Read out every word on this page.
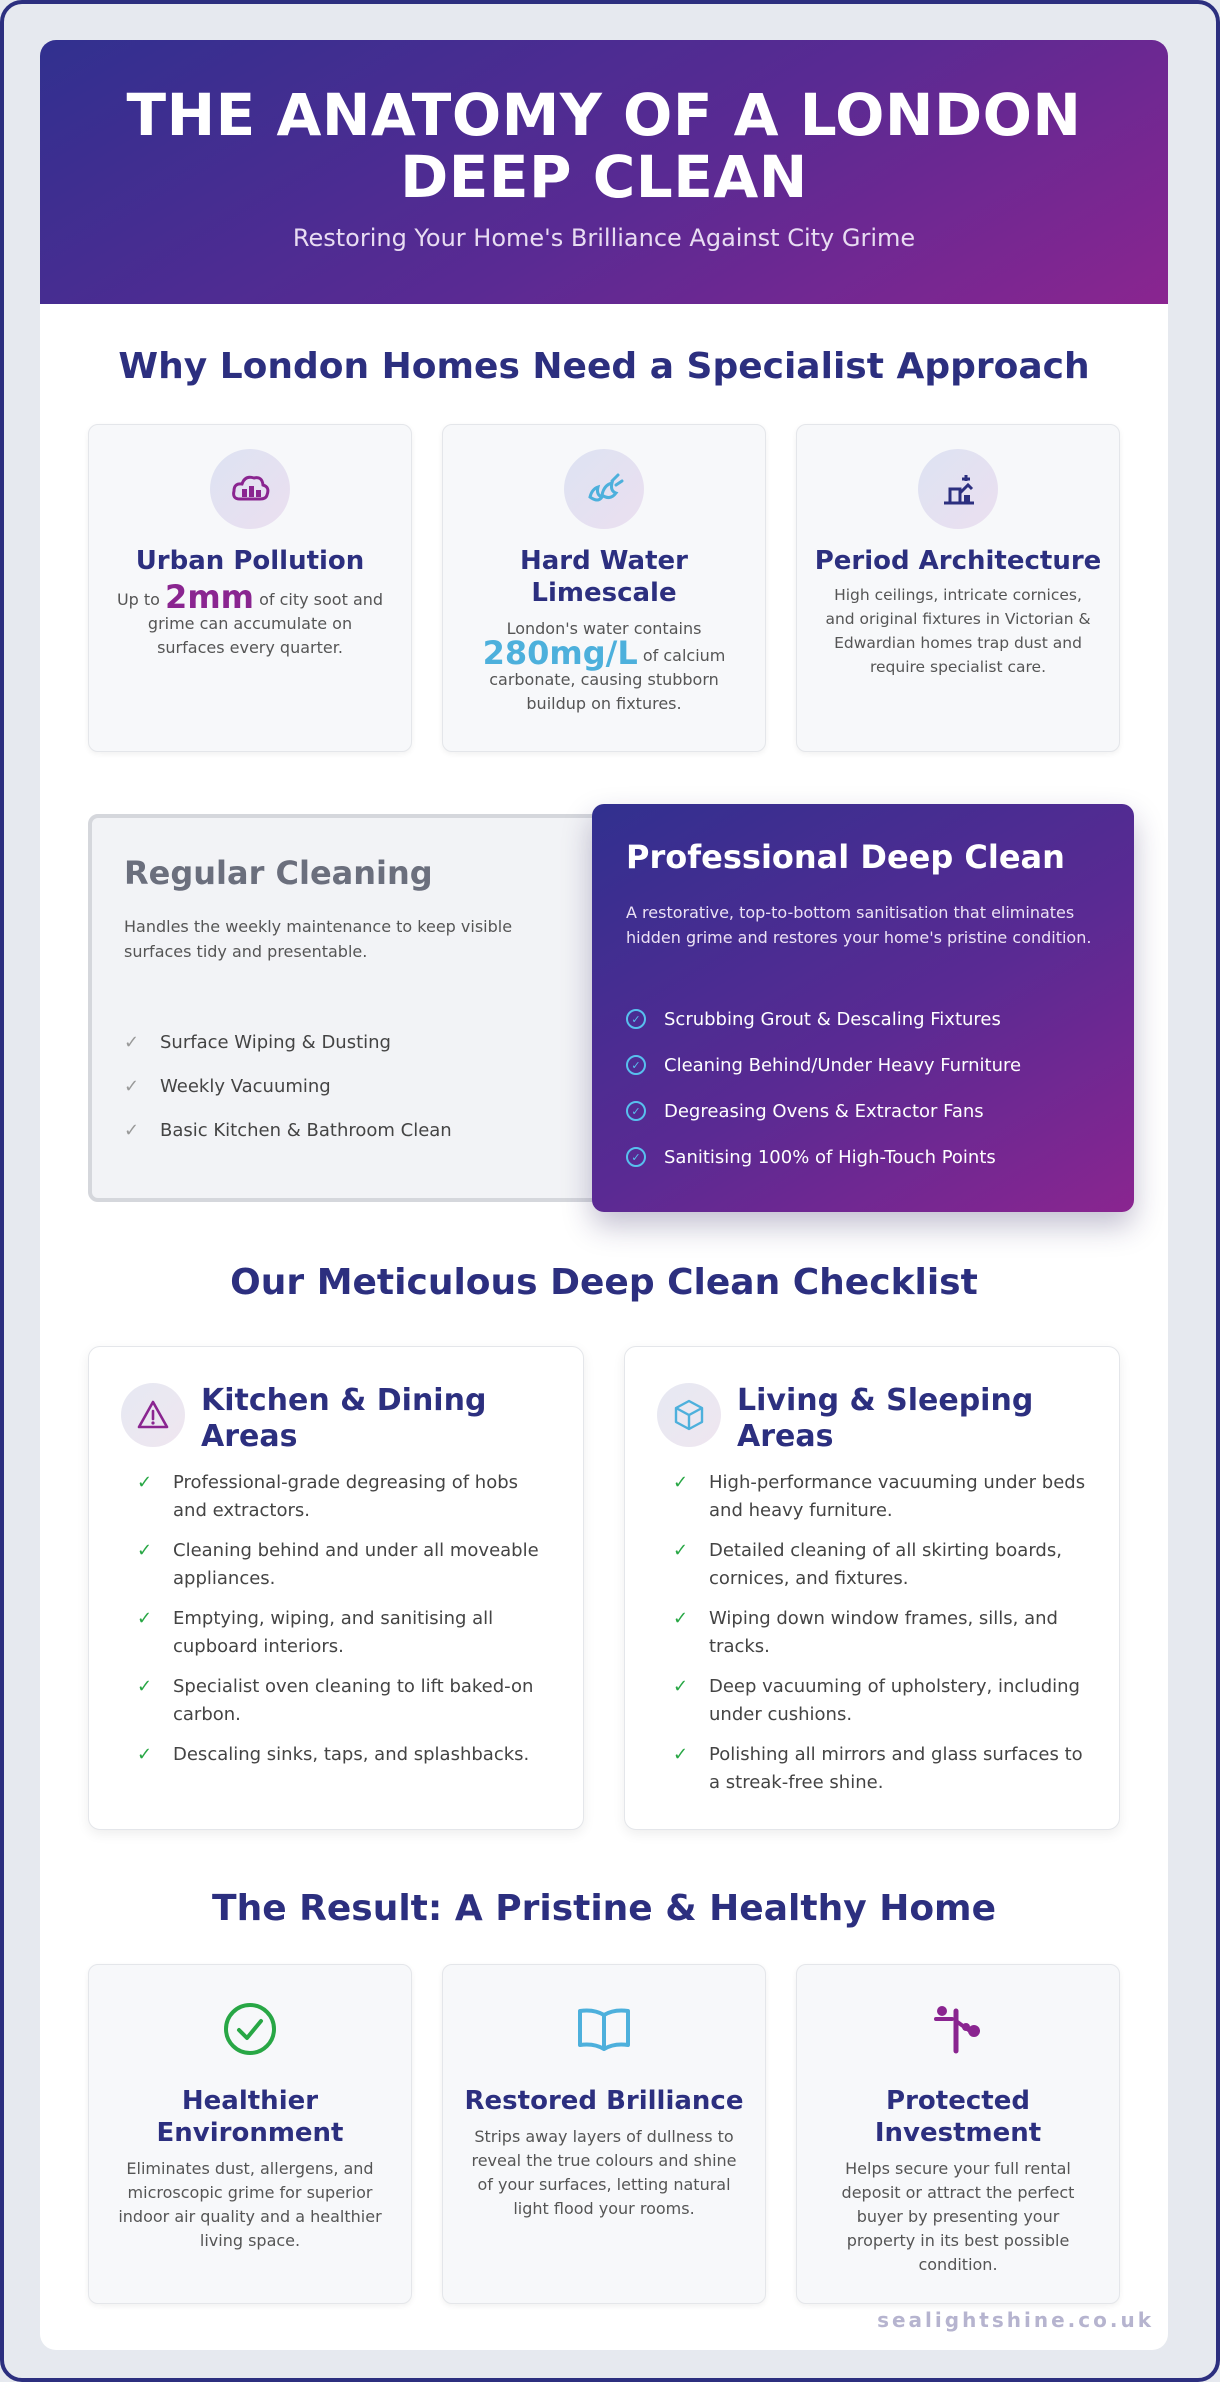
THE ANATOMY OF A LONDON
DEEP CLEAN

Restoring Your Home's Brilliance Against City Grime

Why London Homes Need a Specialist Approach
Urban Pollution
Up to 2mm of city soot and grime can accumulate on surfaces every quarter.
Hard Water Limescale
London's water contains
280mg/L of calcium carbonate, causing stubborn buildup on fixtures.
Period Architecture
High ceilings, intricate cornices, and original fixtures in Victorian & Edwardian homes trap dust and require specialist care.
Regular Cleaning
Handles the weekly maintenance to keep visible surfaces tidy and presentable.
✓	Surface Wiping & Dusting
✓	Weekly Vacuuming
✓	Basic Kitchen & Bathroom Clean
Professional Deep Clean
A restorative, top-to-bottom sanitisation that eliminates hidden grime and restores your home's pristine condition.
✓ Scrubbing Grout & Descaling Fixtures
✓ Cleaning Behind/Under Heavy Furniture
✓ Degreasing Ovens & Extractor Fans
✓ Sanitising 100% of High-Touch Points
Our Meticulous Deep Clean Checklist
Kitchen & Dining Areas
✓ Professional-grade degreasing of hobs and extractors.
✓ Cleaning behind and under all moveable appliances.
✓ Emptying, wiping, and sanitising all cupboard interiors.
✓ Specialist oven cleaning to lift baked-on carbon.
✓ Descaling sinks, taps, and splashbacks.
Living & Sleeping Areas
✓ High-performance vacuuming under beds and heavy furniture.
✓ Detailed cleaning of all skirting boards, cornices, and fixtures.
✓ Wiping down window frames, sills, and tracks.
✓ Deep vacuuming of upholstery, including under cushions.
✓ Polishing all mirrors and glass surfaces to a streak-free shine.
The Result: A Pristine & Healthy Home
Healthier Environment
Eliminates dust, allergens, and microscopic grime for superior indoor air quality and a healthier living space.
Restored Brilliance
Strips away layers of dullness to reveal the true colours and shine of your surfaces, letting natural light flood your rooms.
Protected Investment
Helps secure your full rental deposit or attract the perfect buyer by presenting your property in its best possible condition.
sealightshine.co.uk
